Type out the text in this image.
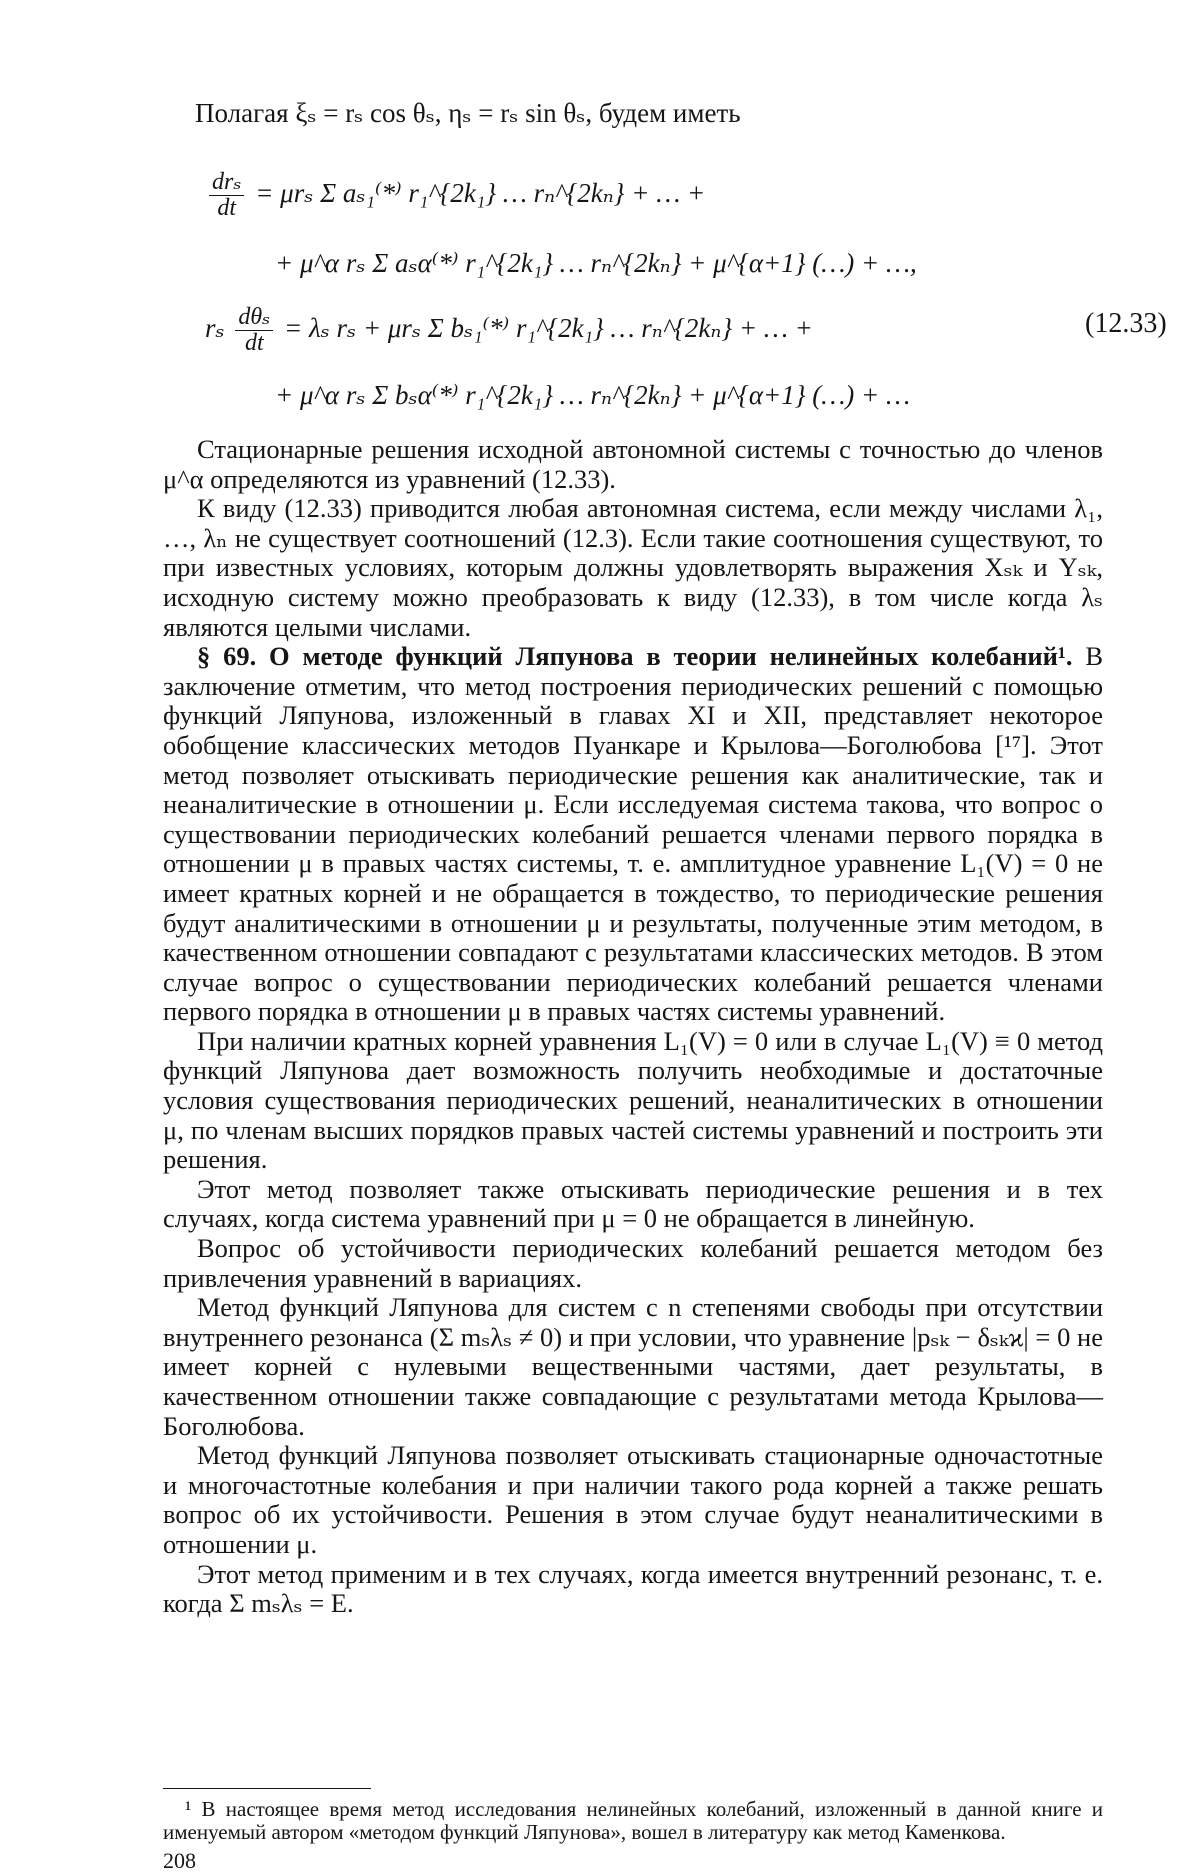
Полагая ξₛ = rₛ cos θₛ, ηₛ = rₛ sin θₛ, будем иметь
$\frac{\text{drₛ}}{dt} = \mu r_s$ Σ aₛ₁⁽*⁾ r₁^{2k₁} … rₙ^{2kₙ} + … +
+ μ^α rₛ Σ aₛα⁽*⁾ r₁^{2k₁} … rₙ^{2kₙ} + μ^{α+1} (…) + …,
rₛ $\frac{\text{dθₛ}}{dt} = \lambda_s$ rₛ + μrₛ Σ bₛ₁⁽*⁾ r₁^{2k₁} … rₙ^{2kₙ} + … +
+ μ^α rₛ Σ bₛα⁽*⁾ r₁^{2k₁} … rₙ^{2kₙ} + μ^{α+1} (…) + …
(12.33)

Стационарные решения исходной автономной системы с точностью до членов μ^α определяются из уравнений (12.33).

К виду (12.33) приводится любая автономная система, если между числами λ₁, …, λₙ не существует соотношений (12.3). Если такие соотношения существуют, то при известных условиях, которым должны удовлетворять выражения Xₛₖ и Yₛₖ, исходную систему можно преобразовать к виду (12.33), в том числе когда λₛ являются целыми числами.

§ 69. О методе функций Ляпунова в теории нелинейных колебаний¹. В заключение отметим, что метод построения периодических решений с помощью функций Ляпунова, изложенный в главах XI и XII, представляет некоторое обобщение классических методов Пуанкаре и Крылова—Боголюбова [¹⁷]. Этот метод позволяет отыскивать периодические решения как аналитические, так и неаналитические в отношении μ. Если исследуемая система такова, что вопрос о существовании периодических колебаний решается членами первого порядка в отношении μ в правых частях системы, т. е. амплитудное уравнение L₁(V) = 0 не имеет кратных корней и не обращается в тождество, то периодические решения будут аналитическими в отношении μ и результаты, полученные этим методом, в качественном отношении совпадают с результатами классических методов. В этом случае вопрос о существовании периодических колебаний решается членами первого порядка в отношении μ в правых частях системы уравнений.

При наличии кратных корней уравнения L₁(V) = 0 или в случае L₁(V) ≡ 0 метод функций Ляпунова дает возможность получить необходимые и достаточные условия существования периодических решений, неаналитических в отношении μ, по членам высших порядков правых частей системы уравнений и построить эти решения.

Этот метод позволяет также отыскивать периодические решения и в тех случаях, когда система уравнений при μ = 0 не обращается в линейную.

Вопрос об устойчивости периодических колебаний решается методом без привлечения уравнений в вариациях.

Метод функций Ляпунова для систем с n степенями свободы при отсутствии внутреннего резонанса (Σ mₛλₛ ≠ 0) и при условии, что уравнение |pₛₖ − δₛₖϰ| = 0 не имеет корней с нулевыми вещественными частями, дает результаты, в качественном отношении также совпадающие с результатами метода Крылова—Боголюбова.

Метод функций Ляпунова позволяет отыскивать стационарные одночастотные и многочастотные колебания и при наличии такого рода корней а также решать вопрос об их устойчивости. Решения в этом случае будут неаналитическими в отношении μ.

Этот метод применим и в тех случаях, когда имеется внутренний резонанс, т. е. когда Σ mₛλₛ = E.

¹ В настоящее время метод исследования нелинейных колебаний, изложенный в данной книге и именуемый автором «методом функций Ляпунова», вошел в литературу как метод Каменкова.
208
